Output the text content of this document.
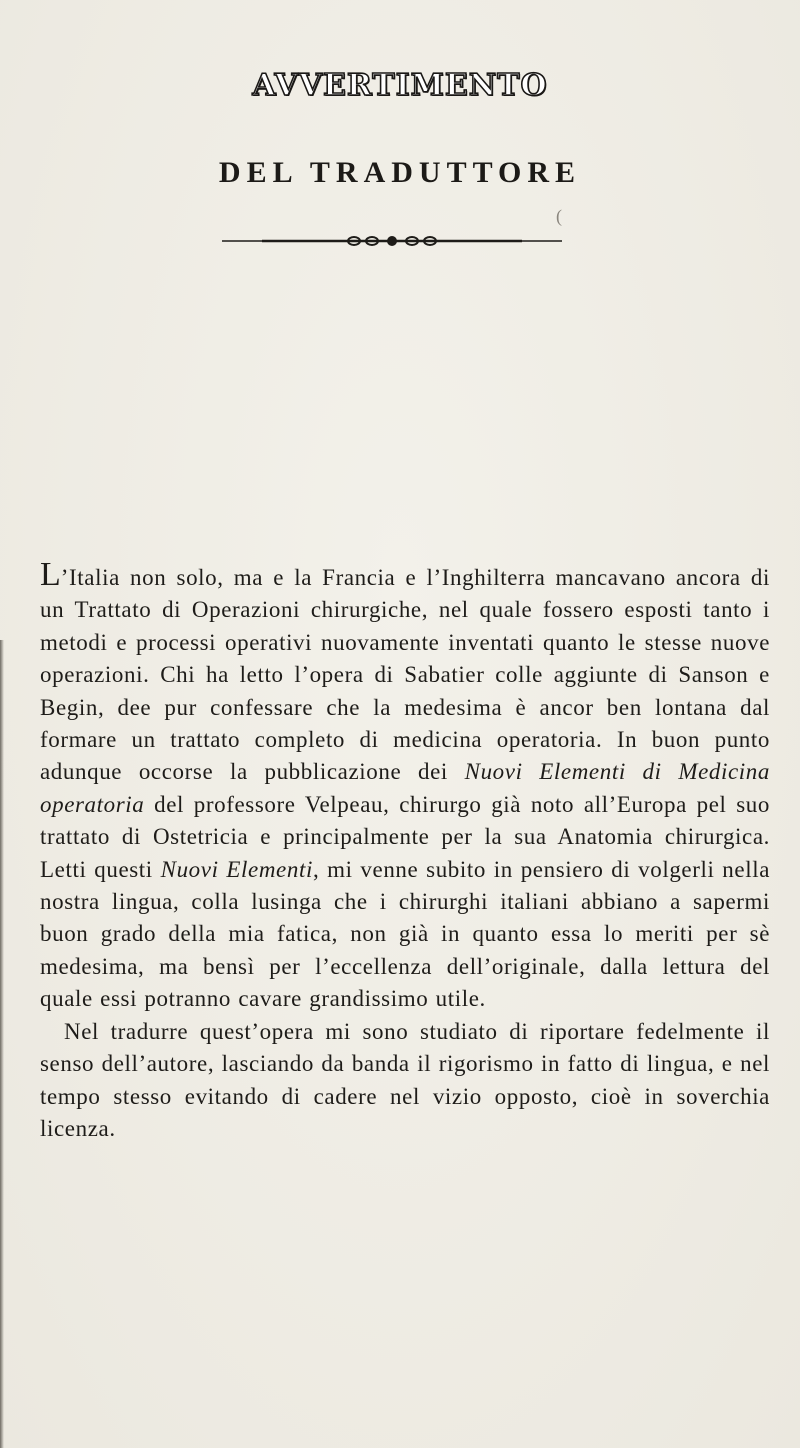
AVVERTIMENTO
DEL TRADUTTORE
(

L’Italia non solo, ma e la Francia e l’Inghilterra mancavano ancora di un Trattato di Operazioni chirurgiche, nel quale fossero esposti tanto i metodi e processi operativi nuovamente inventati quanto le stesse nuove operazioni. Chi ha letto l’opera di Sabatier colle aggiunte di Sanson e Begin, dee pur confessare che la medesima è ancor ben lontana dal formare un trattato completo di medicina operatoria. In buon punto adunque occorse la pubblicazione dei Nuovi Elementi di Medicina operatoria del professore Velpeau, chirurgo già noto all’Europa pel suo trattato di Ostetricia e principalmente per la sua Anatomia chirurgica. Letti questi Nuovi Elementi, mi venne subito in pensiero di volgerli nella nostra lingua, colla lusinga che i chirurghi italiani abbiano a sapermi buon grado della mia fatica, non già in quanto essa lo meriti per sè medesima, ma bensì per l’eccellenza dell’originale, dalla lettura del quale essi potranno cavare grandissimo utile.

Nel tradurre quest’opera mi sono studiato di riportare fedelmente il senso dell’autore, lasciando da banda il rigorismo in fatto di lingua, e nel tempo stesso evitando di cadere nel vizio opposto, cioè in soverchia licenza.
